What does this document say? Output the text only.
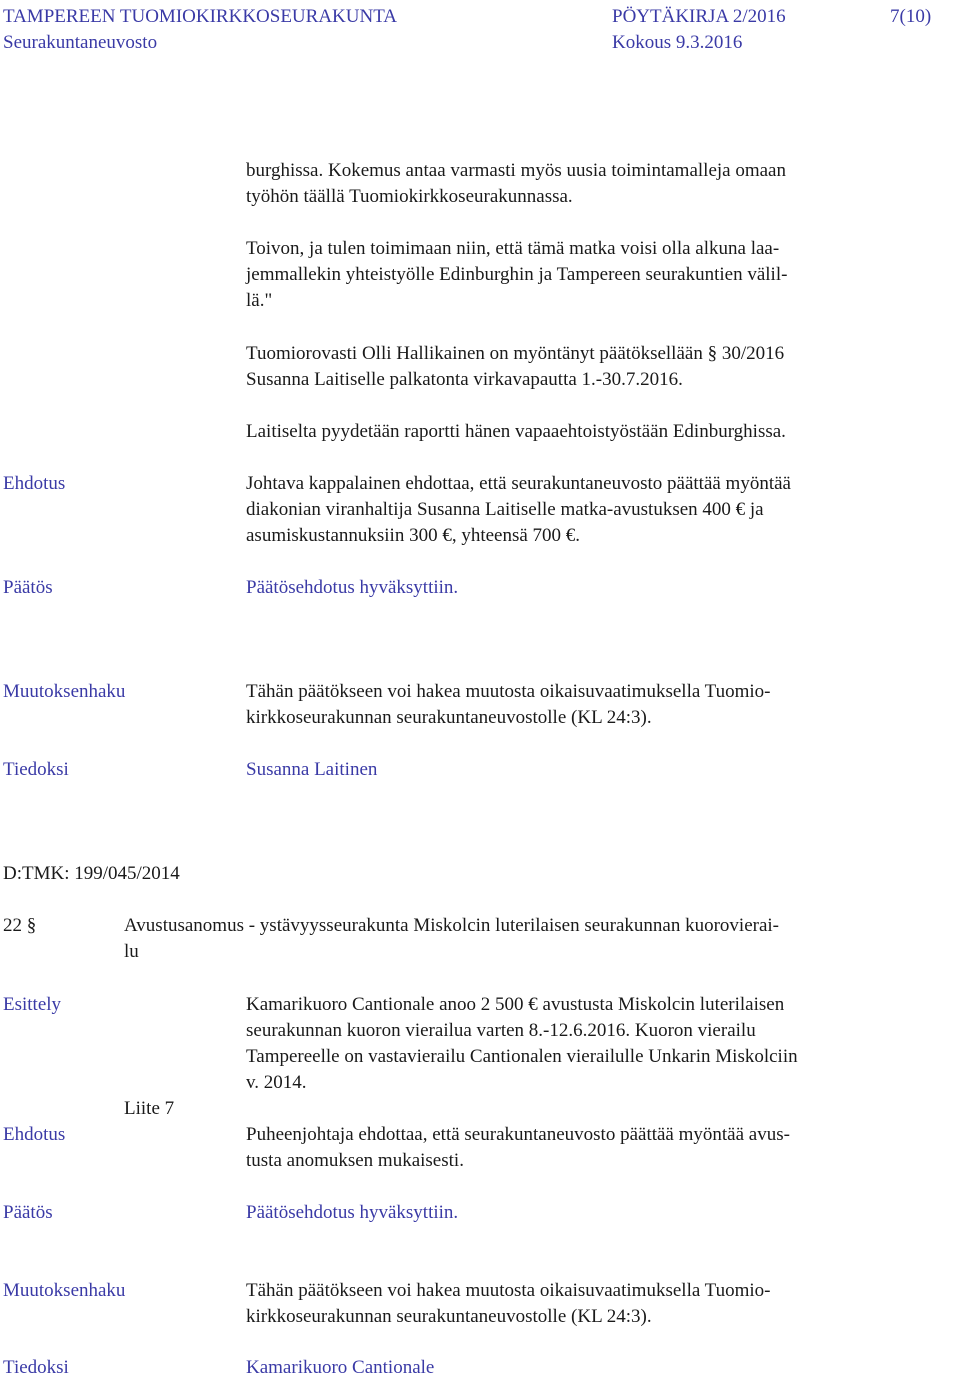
TAMPEREEN TUOMIOKIRKKOSEURAKUNTA	PÖYTÄKIRJA 2/2016	7(10)
Seurakuntaneuvosto	Kokous 9.3.2016
burghissa. Kokemus antaa varmasti myös uusia toimintamalleja omaan
työhön täällä Tuomiokirkkoseurakunnassa.
Toivon, ja tulen toimimaan niin, että tämä matka voisi olla alkuna laa-
jemmallekin yhteistyölle Edinburghin ja Tampereen seurakuntien välil-
lä."
Tuomiorovasti Olli Hallikainen on myöntänyt päätöksellään § 30/2016
Susanna Laitiselle palkatonta virkavapautta 1.-30.7.2016.
Laitiselta pyydetään raportti hänen vapaaehtoistyöstään Edinburghissa.
Ehdotus	Johtava kappalainen ehdottaa, että seurakuntaneuvosto päättää myöntää
diakonian viranhaltija Susanna Laitiselle matka-avustuksen 400 € ja
asumiskustannuksiin 300 €, yhteensä 700 €.
Päätös	Päätösehdotus hyväksyttiin.
Muutoksenhaku	Tähän päätökseen voi hakea muutosta oikaisuvaatimuksella Tuomio-
kirkkoseurakunnan seurakuntaneuvostolle (KL 24:3).
Tiedoksi	Susanna Laitinen
D:TMK: 199/045/2014
22 §	Avustusanomus - ystävyysseurakunta Miskolcin luterilaisen seurakunnan kuorovierai-
lu
Esittely	Kamarikuoro Cantionale anoo 2 500 € avustusta Miskolcin luterilaisen
seurakunnan kuoron vierailua varten 8.-12.6.2016. Kuoron vierailu
Tampereelle on vastavierailu Cantionalen vierailulle Unkarin Miskolciin
v. 2014.
Liite 7
Ehdotus	Puheenjohtaja ehdottaa, että seurakuntaneuvosto päättää myöntää avus-
tusta anomuksen mukaisesti.
Päätös	Päätösehdotus hyväksyttiin.
Muutoksenhaku	Tähän päätökseen voi hakea muutosta oikaisuvaatimuksella Tuomio-
kirkkoseurakunnan seurakuntaneuvostolle (KL 24:3).
Tiedoksi	Kamarikuoro Cantionale
